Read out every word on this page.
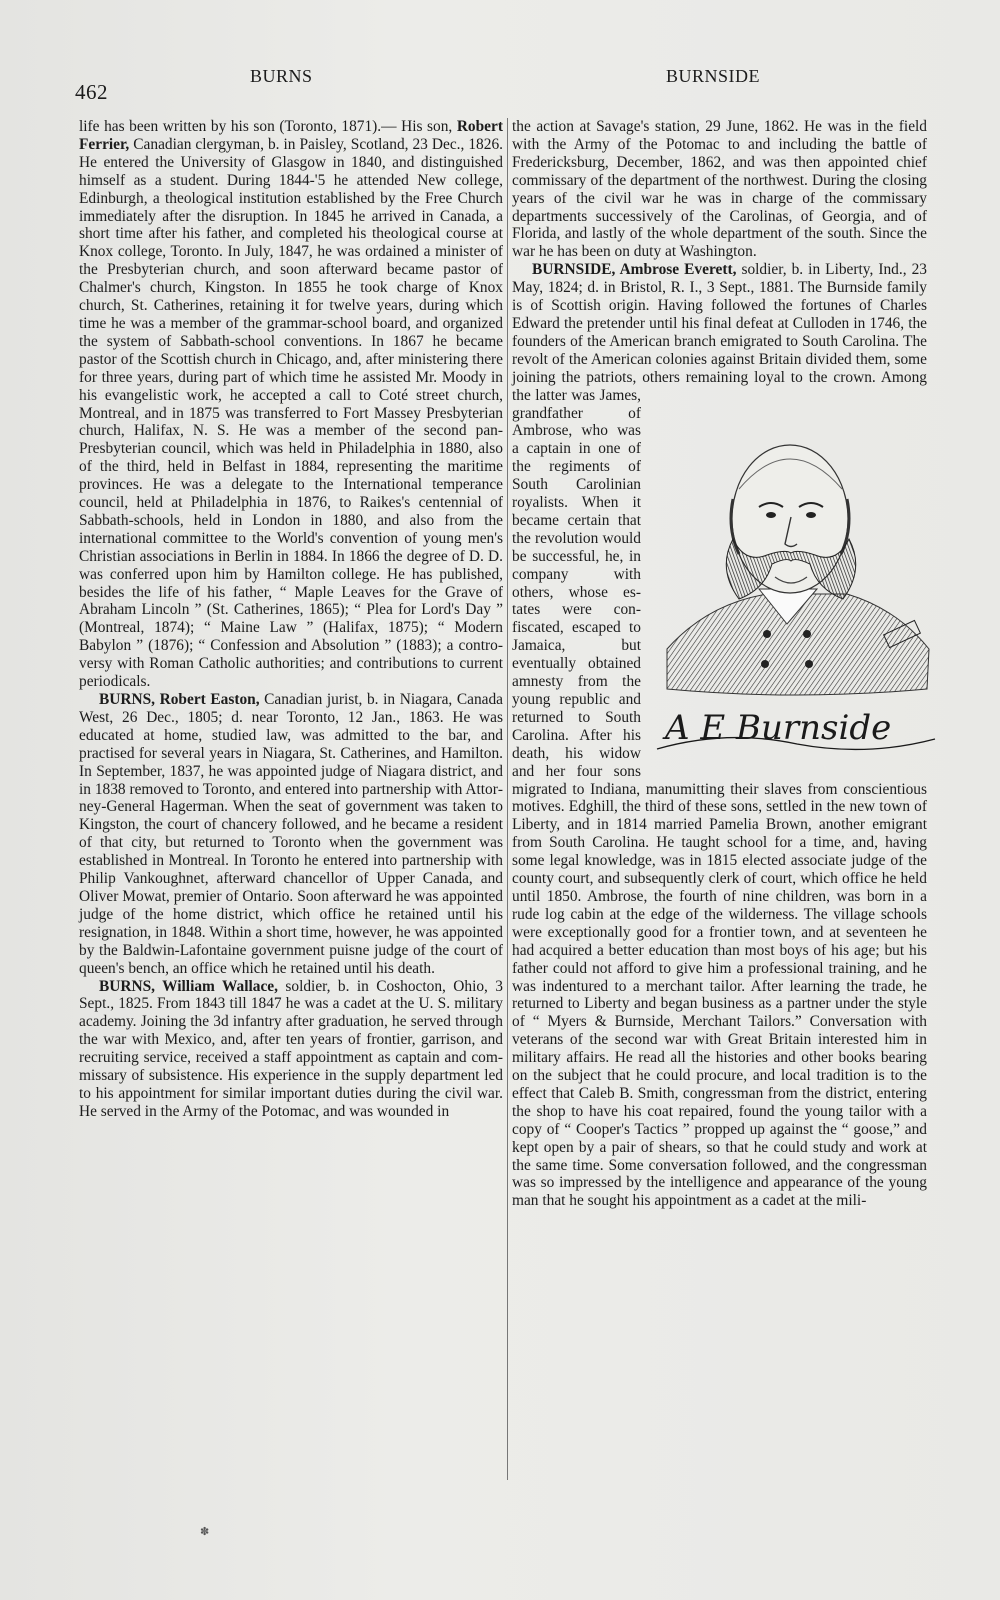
462
BURNS	BURNSIDE

life has been written by his son (Toronto, 1871).— His son, Robert Ferrier, Canadian clergyman, b. in Paisley, Scotland, 23 Dec., 1826. He entered the University of Glasgow in 1840, and distinguished himself as a student. During 1844-'5 he attended New college, Edinburgh, a theological institution established by the Free Church immediately after the disruption. In 1845 he arrived in Canada, a short time after his father, and completed his theological course at Knox college, Toronto. In July, 1847, he was ordained a minister of the Presbyterian church, and soon afterward became pastor of Chalmer's church, Kingston. In 1855 he took charge of Knox church, St. Catherines, retaining it for twelve years, during which time he was a member of the grammar-school board, and organized the system of Sabbath-school conventions. In 1867 he became pastor of the Scottish church in Chicago, and, after ministering there for three years, during part of which time he assisted Mr. Moody in his evangelistic work, he accepted a call to Coté street church, Montreal, and in 1875 was transferred to Fort Massey Presbyterian church, Halifax, N. S. He was a member of the second pan-Presbyterian council, which was held in Philadelphia in 1880, also of the third, held in Belfast in 1884, representing the maritime provinces. He was a delegate to the International temperance council, held at Philadelphia in 1876, to Raikes's centennial of Sabbath-schools, held in London in 1880, and also from the international committee to the World's convention of young men's Christian associations in Berlin in 1884. In 1866 the degree of D. D. was conferred upon him by Hamilton college. He has published, besides the life of his father, “ Maple Leaves for the Grave of Abraham Lincoln ” (St. Catherines, 1865); “ Plea for Lord's Day ” (Montreal, 1874); “ Maine Law ” (Halifax, 1875); “ Modern Babylon ” (1876); “ Confession and Absolution ” (1883); a controversy with Roman Catholic authorities; and contributions to current periodicals.

BURNS, Robert Easton, Canadian jurist, b. in Niagara, Canada West, 26 Dec., 1805; d. near Toronto, 12 Jan., 1863. He was educated at home, studied law, was admitted to the bar, and practised for several years in Niagara, St. Catherines, and Hamilton. In September, 1837, he was appointed judge of Niagara district, and in 1838 removed to Toronto, and entered into partnership with Attorney-General Hagerman. When the seat of government was taken to Kingston, the court of chancery followed, and he became a resident of that city, but returned to Toronto when the government was established in Montreal. In Toronto he entered into partnership with Philip Vankoughnet, afterward chancellor of Upper Canada, and Oliver Mowat, premier of Ontario. Soon afterward he was appointed judge of the home district, which office he retained until his resignation, in 1848. Within a short time, however, he was appointed by the Baldwin-Lafontaine government puisne judge of the court of queen's bench, an office which he retained until his death.

BURNS, William Wallace, soldier, b. in Coshocton, Ohio, 3 Sept., 1825. From 1843 till 1847 he was a cadet at the U. S. military academy. Joining the 3d infantry after graduation, he served through the war with Mexico, and, after ten years of frontier, garrison, and recruiting service, received a staff appointment as captain and commissary of subsistence. His experience in the supply department led to his appointment for similar important duties during the civil war. He served in the Army of the Potomac, and was wounded in

the action at Savage's station, 29 June, 1862. He was in the field with the Army of the Potomac to and including the battle of Fredericksburg, December, 1862, and was then appointed chief commissary of the department of the northwest. During the closing years of the civil war he was in charge of the commissary departments successively of the Carolinas, of Georgia, and of Florida, and lastly of the whole department of the south. Since the war he has been on duty at Washington.

BURNSIDE, Ambrose Everett, soldier, b. in Liberty, Ind., 23 May, 1824; d. in Bristol, R. I., 3 Sept., 1881. The Burnside family is of Scottish origin. Having followed the fortunes of Charles Edward the pretender until his final defeat at Culloden in 1746, the founders of the American branch emigrated to South Carolina. The revolt of the American colonies against Britain divided them, some joining the patriots, others remaining loyal to the crown. Among the latter was James,
A E Burnside
grandfather of Ambrose, who was a captain in one of the regiments of South Carolinian royalists. When it became certain that the revolution would be successful, he, in company with others, whose estates were confiscated, escaped to Jamaica, but eventually obtained amnesty from the young republic and returned to South Carolina. After his death, his widow and her four sons migrated to Indiana, manumitting their slaves from conscientious motives. Edghill, the third of these sons, settled in the new town of Liberty, and in 1814 married Pamelia Brown, another emigrant from South Carolina. He taught school for a time, and, having some legal knowledge, was in 1815 elected associate judge of the county court, and subsequently clerk of court, which office he held until 1850. Ambrose, the fourth of nine children, was born in a rude log cabin at the edge of the wilderness. The village schools were exceptionally good for a frontier town, and at seventeen he had acquired a better education than most boys of his age; but his father could not afford to give him a professional training, and he was indentured to a merchant tailor. After learning the trade, he returned to Liberty and began business as a partner under the style of “ Myers & Burnside, Merchant Tailors.” Conversation with veterans of the second war with Great Britain interested him in military affairs. He read all the histories and other books bearing on the subject that he could procure, and local tradition is to the effect that Caleb B. Smith, congressman from the district, entering the shop to have his coat repaired, found the young tailor with a copy of “ Cooper's Tactics ” propped up against the “ goose,” and kept open by a pair of shears, so that he could study and work at the same time. Some conversation followed, and the congressman was so impressed by the intelligence and appearance of the young man that he sought his appointment as a cadet at the mili-

✽
